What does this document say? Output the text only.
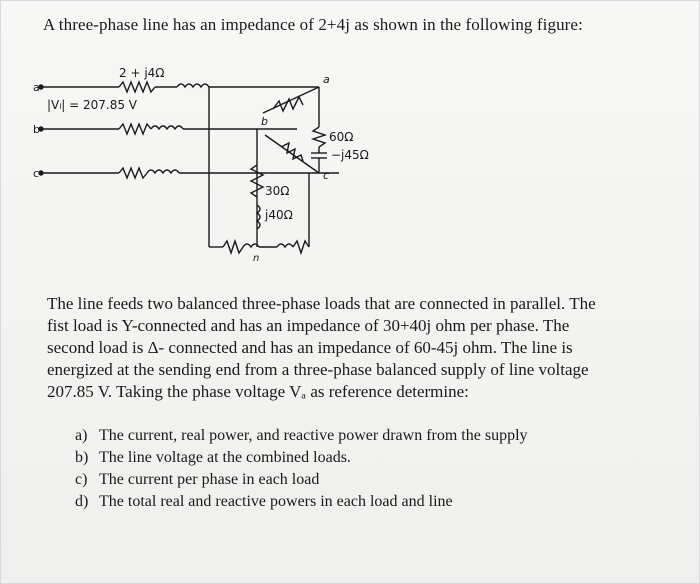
A three-phase line has an impedance of 2+4j as shown in the following figure:
a
b
c
2 + j4Ω
|Vₗ| = 207.85 V
b
a
c
60Ω
−j45Ω
30Ω
j40Ω
n

The line feeds two balanced three-phase loads that are connected in parallel. The

fist load is Y-connected and has an impedance of 30+40j ohm per phase. The

second load is Δ- connected and has an impedance of 60-45j ohm. The line is

energized at the sending end from a three-phase balanced supply of line voltage

207.85 V. Taking the phase voltage Vₐ as reference determine:

a) The current, real power, and reactive power drawn from the supply
b) The line voltage at the combined loads.
c) The current per phase in each load
d) The total real and reactive powers in each load and line
